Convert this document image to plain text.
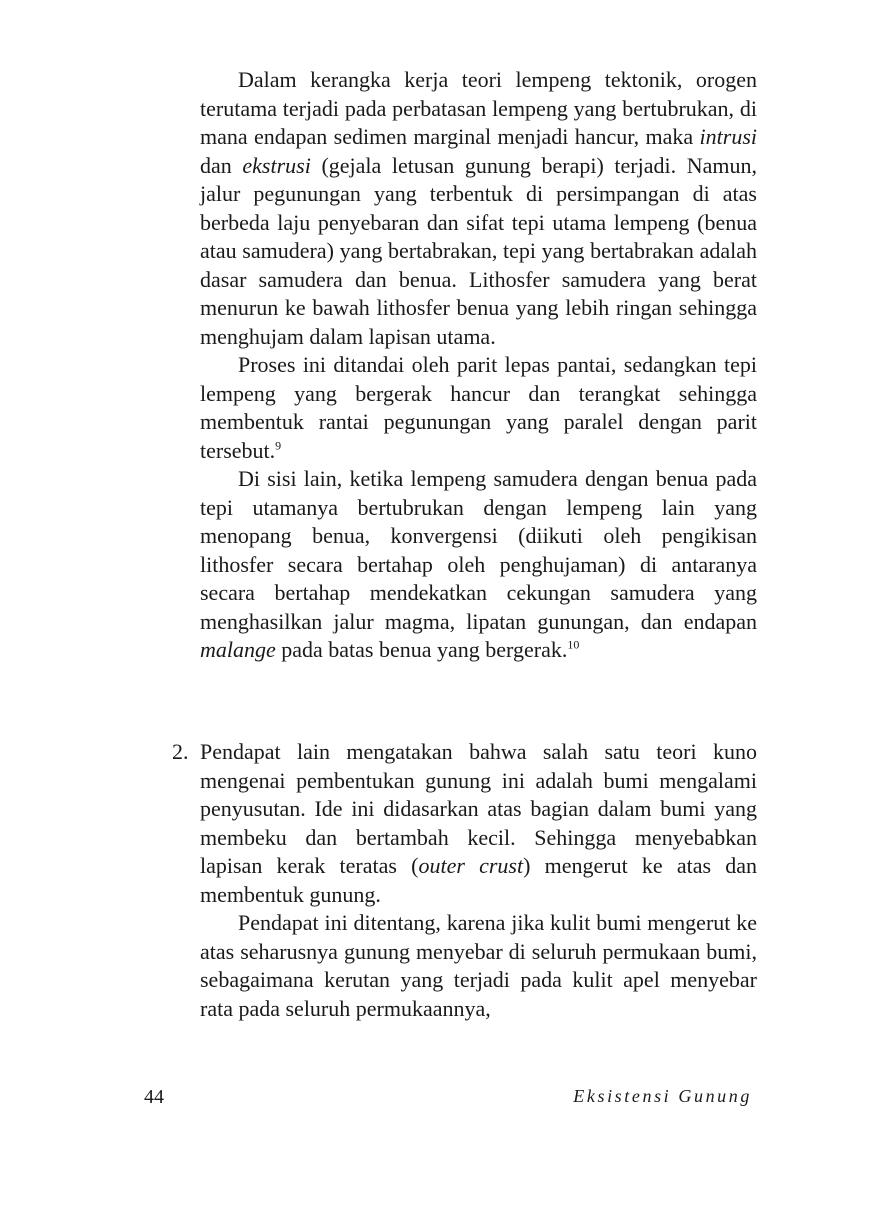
Dalam kerangka kerja teori lempeng tektonik, orogen terutama terjadi pada perbatasan lempeng yang bertubrukan, di mana endapan sedimen marginal menjadi hancur, maka intrusi dan ekstrusi (gejala letusan gunung berapi) terjadi. Namun, jalur pegunungan yang terbentuk di persimpangan di atas berbeda laju penyebaran dan sifat tepi utama lempeng (benua atau samudera) yang bertabrakan, tepi yang bertabrakan adalah dasar samudera dan benua. Lithosfer samudera yang berat menurun ke bawah lithosfer benua yang lebih ringan sehingga menghujam dalam lapisan utama.

Proses ini ditandai oleh parit lepas pantai, sedangkan tepi lempeng yang bergerak hancur dan terangkat sehingga membentuk rantai pegunungan yang paralel dengan parit tersebut.$^9$

Di sisi lain, ketika lempeng samudera dengan benua pada tepi utamanya bertubrukan dengan lempeng lain yang menopang benua, konvergensi (diikuti oleh pengikisan lithosfer secara bertahap oleh penghujaman) di antaranya secara bertahap mendekatkan cekungan samudera yang menghasilkan jalur magma, lipatan gunungan, dan endapan malange pada batas benua yang bergerak.$^{10}$

2. Pendapat lain mengatakan bahwa salah satu teori kuno mengenai pembentukan gunung ini adalah bumi mengalami penyusutan. Ide ini didasarkan atas bagian dalam bumi yang membeku dan bertambah kecil. Sehingga menyebabkan lapisan kerak teratas (outer crust) mengerut ke atas dan membentuk gunung.

Pendapat ini ditentang, karena jika kulit bumi mengerut ke atas seharusnya gunung menyebar di seluruh permukaan bumi, sebagaimana kerutan yang terjadi pada kulit apel menyebar rata pada seluruh permukaannya,

44	Eksistensi Gunung
